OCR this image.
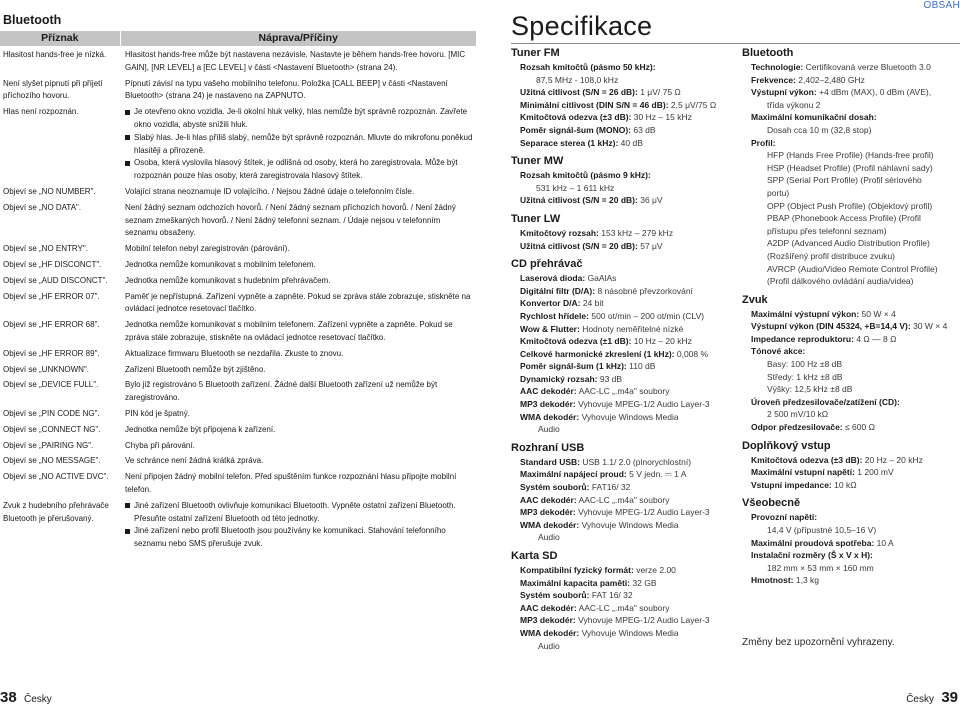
Bluetooth
Příznak	Náprava/Příčiny
Hlasitost hands-free je nízká.	Hlasitost hands-free může být nastavena nezávisle. Nastavte je během hands-free hovoru. [MIC GAIN], [NR LEVEL] a [EC LEVEL] v části <Nastavení Bluetooth> (strana 24).
Není slyšet pípnutí při příjetí příchozího hovoru.	Pípnutí závisí na typu vašeho mobilního telefonu. Položka [CALL BEEP] v části <Nastavení Bluetooth> (strana 24) je nastaveno na ZAPNUTO.
Hlas není rozpoznán.	Je otevřeno okno vozidla. Je-li okolní hluk velký, hlas nemůže být správně rozpoznán. Zavřete okno vozidla, abyste snížili hluk.
Slabý hlas. Je-li hlas příliš slabý, nemůže být správně rozpoznán. Mluvte do mikrofonu poněkud hlasitěji a přirozeně.
Osoba, která vyslovila hlasový štítek, je odlišná od osoby, která ho zaregistrovala. Může být rozpoznán pouze hlas osoby, která zaregistrovala hlasový štítek.

Objeví se „NO NUMBER".	Volající strana neoznamuje ID volajícího. / Nejsou žádné údaje o telefonním čísle.
Objeví se „NO DATA".	Není žádný seznam odchozích hovorů. / Není žádný seznam příchozích hovorů. / Není žádný seznam zmeškaných hovorů. / Není žádný telefonní seznam. / Údaje nejsou v telefonním seznamu obsaženy.
Objeví se „NO ENTRY".	Mobilní telefon nebyl zaregistrován (párování).
Objeví se „HF DISCONCT".	Jednotka nemůže komunikovat s mobilním telefonem.
Objeví se „AUD DISCONCT".	Jednotka nemůže komunikovat s hudebním přehrávačem.
Objeví se „HF ERROR 07".	Paměť je nepřístupná. Zařízení vypněte a zapněte. Pokud se zpráva stále zobrazuje, stiskněte na ovládací jednotce resetovací tlačítko.
Objeví se „HF ERROR 68".	Jednotka nemůže komunikovat s mobilním telefonem. Zařízení vypněte a zapněte. Pokud se zpráva stále zobrazuje, stiskněte na ovládací jednotce resetovací tlačítko.
Objeví se „HF ERROR 89".	Aktualizace firmwaru Bluetooth se nezdařila. Zkuste to znovu.
Objeví se „UNKNOWN".	Zařízení Bluetooth nemůže být zjištěno.
Objeví se „DEVICE FULL".	Bylo již registrováno 5 Bluetooth zařízení. Žádné další Bluetooth zařízení už nemůže být zaregistrováno.
Objeví se „PIN CODE NG".	PIN kód je špatný.
Objeví se „CONNECT NG".	Jednotka nemůže být připojena k zařízení.
Objeví se „PAIRING NG".	Chyba při párování.
Objeví se „NO MESSAGE".	Ve schránce není žádná krátká zpráva.
Objeví se „NO ACTIVE DVC".	Není připojen žádný mobilní telefon. Před spuštěním funkce rozpoznání hlasu připojte mobilní telefon.
Zvuk z hudebního přehrávače Bluetooth je přerušovaný.	Jiné zařízení Bluetooth ovlivňuje komunikaci Bluetooth. Vypněte ostatní zařízení Bluetooth. Přesuňte ostatní zařízení Bluetooth od této jednotky.
Jiné zařízení nebo profil Bluetooth jsou používány ke komunikaci. Stahování telefonního seznamu nebo SMS přerušuje zvuk.
38 Česky
Specifikace
OBSAH
Tuner FM
Rozsah kmitočtů (pásmo 50 kHz):
87,5 MHz - 108,0 kHz
Užitná citlivost (S/N = 26 dB): 1 μV/ 75 Ω
Minimální citlivost (DIN S/N = 46 dB): 2,5 μV/75 Ω
Kmitočtová odezva (±3 dB): 30 Hz – 15 kHz
Poměr signál-šum (MONO): 63 dB
Separace sterea (1 kHz): 40 dB
Tuner MW
Rozsah kmitočtů (pásmo 9 kHz):
531 kHz – 1 611 kHz
Užitná citlivost (S/N = 20 dB): 36 μV
Tuner LW
Kmitočtový rozsah: 153 kHz – 279 kHz
Užitná citlivost (S/N = 20 dB): 57 μV
CD přehrávač
Laserová dioda: GaAlAs
Digitální filtr (D/A): 8 násobné převzorkování
Konvertor D/A: 24 bit
Rychlost hřídele: 500 ot/min – 200 ot/min (CLV)
Wow & Flutter: Hodnoty neměřitelné nízké
Kmitočtová odezva (±1 dB): 10 Hz – 20 kHz
Celkové harmonické zkreslení (1 kHz): 0,008 %
Poměr signál-šum (1 kHz): 110 dB
Dynamický rozsah: 93 dB
AAC dekodér: AAC-LC „.m4a" soubory
MP3 dekodér: Vyhovuje MPEG-1/2 Audio Layer-3
WMA dekodér: Vyhovuje Windows Media
Audio
Rozhraní USB
Standard USB: USB 1.1/ 2.0 (plnorychlostní)
Maximální napájecí proud: 5 V jedn. ⎓ 1 A
Systém souborů: FAT16/ 32
AAC dekodér: AAC-LC „.m4a" soubory
MP3 dekodér: Vyhovuje MPEG-1/2 Audio Layer-3
WMA dekodér: Vyhovuje Windows Media
Audio
Karta SD
Kompatibilní fyzický formát: verze 2.00
Maximální kapacita paměti: 32 GB
Systém souborů: FAT 16/ 32
AAC dekodér: AAC-LC „.m4a" soubory
MP3 dekodér: Vyhovuje MPEG-1/2 Audio Layer-3
WMA dekodér: Vyhovuje Windows Media
Audio
Bluetooth
Technologie: Certifikovaná verze Bluetooth 3.0
Frekvence: 2,402–2,480 GHz
Výstupní výkon: +4 dBm (MAX), 0 dBm (AVE),
třída výkonu 2
Maximální komunikační dosah:
Dosah cca 10 m (32,8 stop)
Profil:
HFP (Hands Free Profile) (Hands-free profil)
HSP (Headset Profile) (Profil náhlavní sady)
SPP (Serial Port Profile) (Profil sériového
portu)
OPP (Object Push Profile) (Objektový profil)
PBAP (Phonebook Access Profile) (Profil
přístupu přes telefonní seznam)
A2DP (Advanced Audio Distribution Profile)
(Rozšířený profil distribuce zvuku)
AVRCP (Audio/Video Remote Control Profile)
(Profil dálkového ovládání audia/videa)
Zvuk
Maximální výstupní výkon: 50 W × 4
Výstupní výkon (DIN 45324, +B=14,4 V): 30 W × 4
Impedance reproduktoru: 4 Ω — 8 Ω
Tónové akce:
Basy: 100 Hz ±8 dB
Středy: 1 kHz ±8 dB
Výšky: 12,5 kHz ±8 dB
Úroveň předzesilovače/zatížení (CD):
2 500 mV/10 kΩ
Odpor předzesilovače: ≤ 600 Ω
Doplňkový vstup
Kmitočtová odezva (±3 dB): 20 Hz – 20 kHz
Maximální vstupní napětí: 1 200 mV
Vstupní impedance: 10 kΩ
Všeobecně
Provozní napětí:
14,4 V (přípustné 10,5–16 V)
Maximální proudová spotřeba: 10 A
Instalační rozměry (Š x V x H):
182 mm × 53 mm × 160 mm
Hmotnost: 1,3 kg
Změny bez upozornění vyhrazeny.
Česky 39
